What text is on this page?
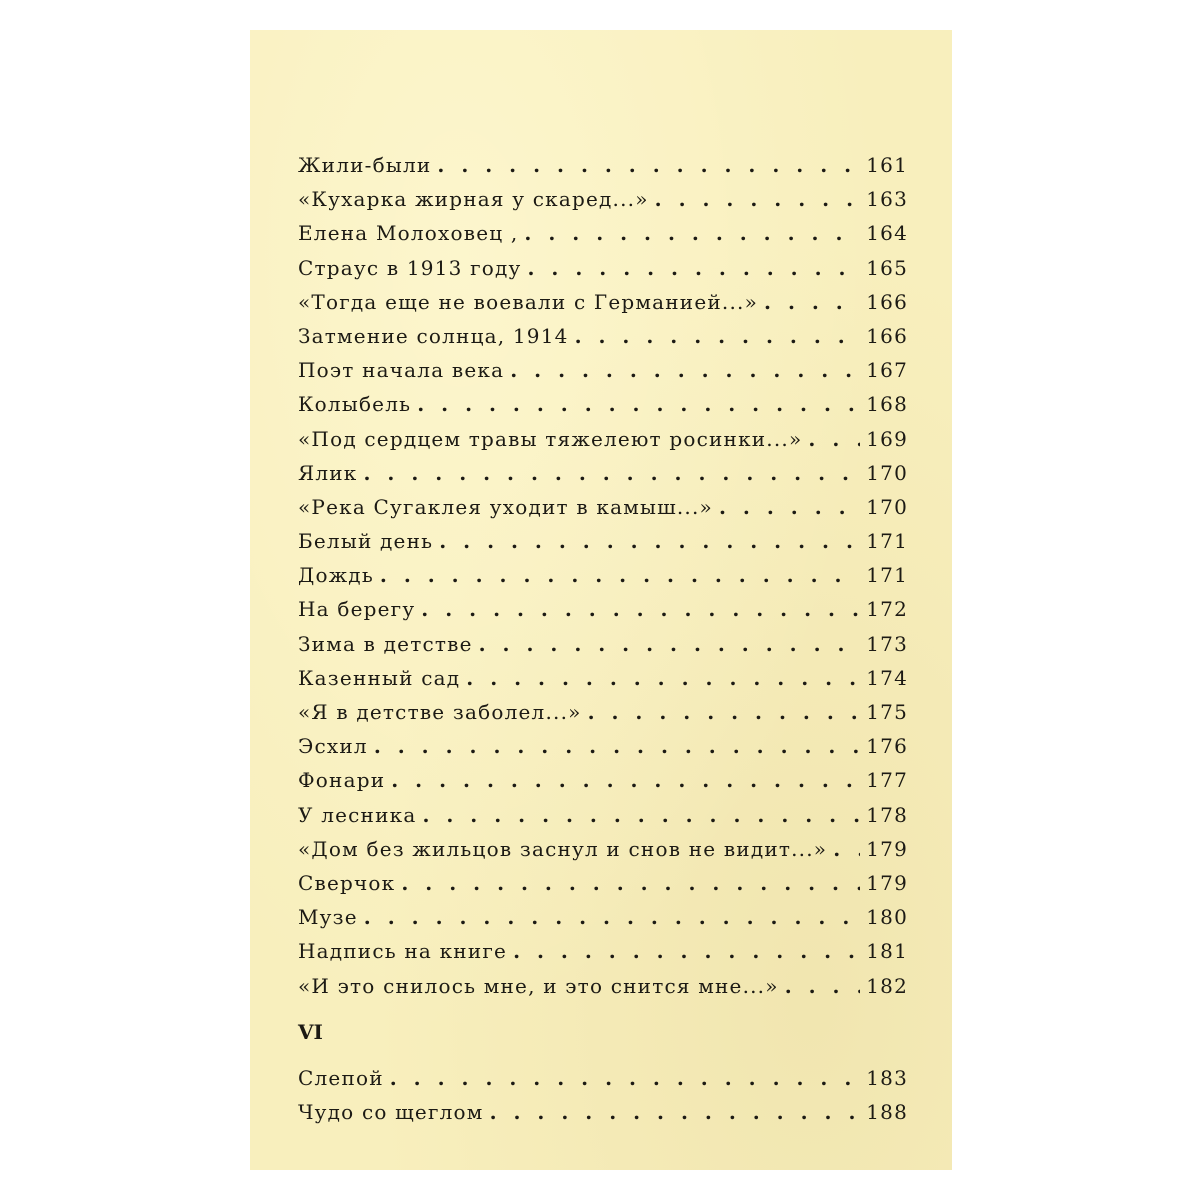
Жили-были . . .	161
«Кухарка жирная у скаред...» . . .	163
Елена Молоховец , . . .	164
Страус в 1913 году . . .	165
«Тогда еще не воевали с Германией...» . . .	166
Затмение солнца, 1914 . . .	166
Поэт начала века . . .	167
Колыбель . . .	168
«Под сердцем травы тяжелеют росинки...» . . .	169
Ялик . . .	170
«Река Сугаклея уходит в камыш...» . . .	170
Белый день . . .	171
Дождь . . .	171
На берегу . . .	172
Зима в детстве . . .	173
Казенный сад . . .	174
«Я в детстве заболел...» . . .	175
Эсхил . . .	176
Фонари . . .	177
У лесника . . .	178
«Дом без жильцов заснул и снов не видит...» . . .	179
Сверчок . . .	179
Музе . . .	180
Надпись на книге . . .	181
«И это снилось мне, и это снится мне...» . . .	182
VI
Слепой . . .	183
Чудо со щеглом . . .	188
